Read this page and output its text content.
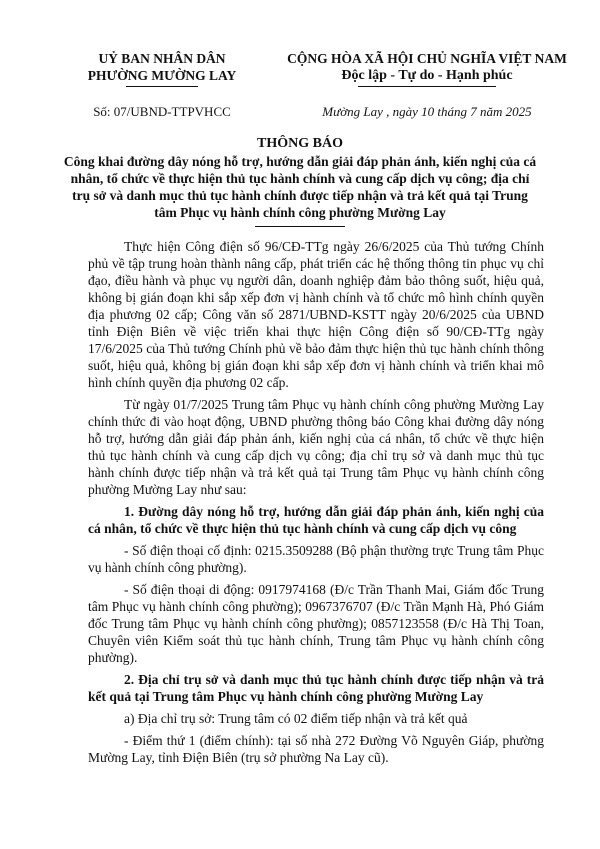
UỶ BAN NHÂN DÂN
PHƯỜNG MƯỜNG LAY
CỘNG HÒA XÃ HỘI CHỦ NGHĨA VIỆT NAM
Độc lập - Tự do - Hạnh phúc
Số: 07/UBND-TTPVHCC	Mường Lay , ngày 10 tháng 7 năm 2025
THÔNG BÁO
Công khai đường dây nóng hỗ trợ, hướng dẫn giải đáp phản ánh, kiến nghị của cá nhân, tổ chức về thực hiện thủ tục hành chính và cung cấp dịch vụ công; địa chỉ trụ sở và danh mục thủ tục hành chính được tiếp nhận và trả kết quả tại Trung tâm Phục vụ hành chính công phường Mường Lay

Thực hiện Công điện số 96/CĐ-TTg ngày 26/6/2025 của Thủ tướng Chính phủ về tập trung hoàn thành nâng cấp, phát triển các hệ thống thông tin phục vụ chỉ đạo, điều hành và phục vụ người dân, doanh nghiệp đảm bảo thông suốt, hiệu quả, không bị gián đoạn khi sắp xếp đơn vị hành chính và tổ chức mô hình chính quyền địa phương 02 cấp; Công văn số 2871/UBND-KSTT ngày 20/6/2025 của UBND tỉnh Điện Biên về việc triển khai thực hiện Công điện số 90/CĐ-TTg ngày 17/6/2025 của Thủ tướng Chính phủ về bảo đảm thực hiện thủ tục hành chính thông suốt, hiệu quả, không bị gián đoạn khi sắp xếp đơn vị hành chính và triển khai mô hình chính quyền địa phương 02 cấp.

Từ ngày 01/7/2025 Trung tâm Phục vụ hành chính công phường Mường Lay chính thức đi vào hoạt động, UBND phường thông báo Công khai đường dây nóng hỗ trợ, hướng dẫn giải đáp phản ánh, kiến nghị của cá nhân, tổ chức về thực hiện thủ tục hành chính và cung cấp dịch vụ công; địa chỉ trụ sở và danh mục thủ tục hành chính được tiếp nhận và trả kết quả tại Trung tâm Phục vụ hành chính công phường Mường Lay như sau:

1. Đường dây nóng hỗ trợ, hướng dẫn giải đáp phản ánh, kiến nghị của cá nhân, tổ chức về thực hiện thủ tục hành chính và cung cấp dịch vụ công

- Số điện thoại cố định: 0215.3509288 (Bộ phận thường trực Trung tâm Phục vụ hành chính công phường).

- Số điện thoại di động: 0917974168 (Đ/c Trần Thanh Mai, Giám đốc Trung tâm Phục vụ hành chính công phường); 0967376707 (Đ/c Trần Mạnh Hà, Phó Giám đốc Trung tâm Phục vụ hành chính công phường); 0857123558 (Đ/c Hà Thị Toan, Chuyên viên Kiểm soát thủ tục hành chính, Trung tâm Phục vụ hành chính công phường).

2. Địa chỉ trụ sở và danh mục thủ tục hành chính được tiếp nhận và trả kết quả tại Trung tâm Phục vụ hành chính công phường Mường Lay

a) Địa chỉ trụ sở: Trung tâm có 02 điểm tiếp nhận và trả kết quả

- Điểm thứ 1 (điểm chính): tại số nhà 272 Đường Võ Nguyên Giáp, phường Mường Lay, tỉnh Điện Biên (trụ sở phường Na Lay cũ).
